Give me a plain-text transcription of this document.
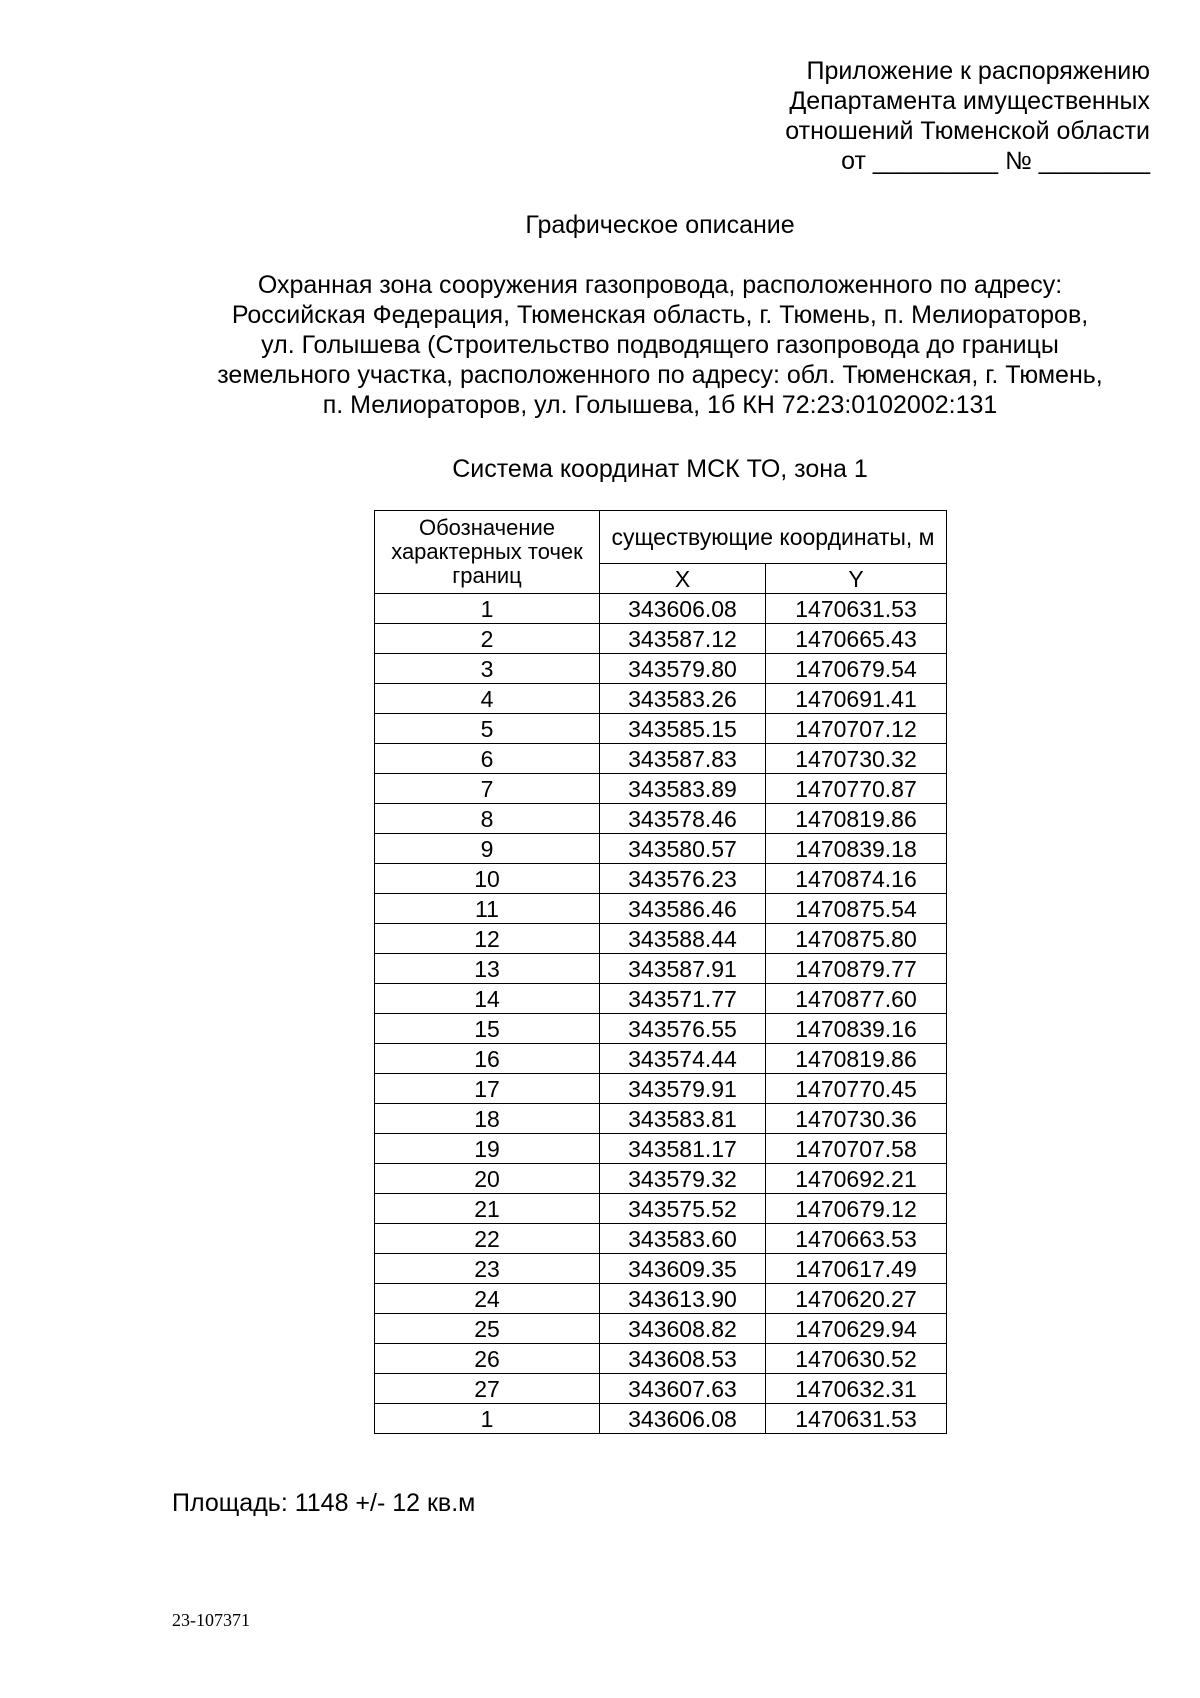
Приложение к распоряжению
Департамента имущественных
отношений Тюменской области
от _________ № ________
Графическое описание
Охранная зона сооружения газопровода, расположенного по адресу:
Российская Федерация, Тюменская область, г. Тюмень, п. Мелиораторов,
ул. Голышева (Строительство подводящего газопровода до границы
земельного участка, расположенного по адресу: обл. Тюменская, г. Тюмень,
п. Мелиораторов, ул. Голышева, 1б КН 72:23:0102002:131
Система координат МСК ТО, зона 1
Обозначение
характерных точек
границ	существующие координаты, м	
	X	Y
1	343606.08	1470631.53
2	343587.12	1470665.43
3	343579.80	1470679.54
4	343583.26	1470691.41
5	343585.15	1470707.12
6	343587.83	1470730.32
7	343583.89	1470770.87
8	343578.46	1470819.86
9	343580.57	1470839.18
10	343576.23	1470874.16
11	343586.46	1470875.54
12	343588.44	1470875.80
13	343587.91	1470879.77
14	343571.77	1470877.60
15	343576.55	1470839.16
16	343574.44	1470819.86
17	343579.91	1470770.45
18	343583.81	1470730.36
19	343581.17	1470707.58
20	343579.32	1470692.21
21	343575.52	1470679.12
22	343583.60	1470663.53
23	343609.35	1470617.49
24	343613.90	1470620.27
25	343608.82	1470629.94
26	343608.53	1470630.52
27	343607.63	1470632.31
1	343606.08	1470631.53
Площадь: 1148 +/- 12 кв.м
23-107371
